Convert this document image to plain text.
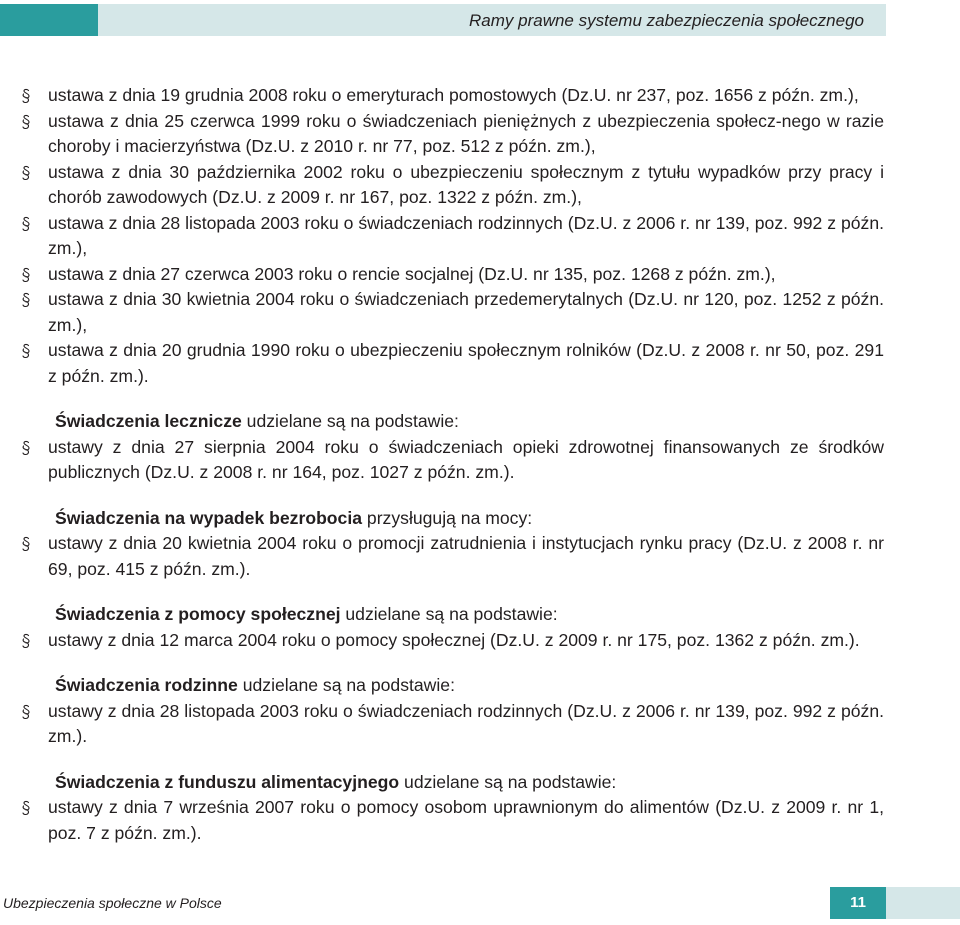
Ramy prawne systemu zabezpieczenia społecznego
ustawa z dnia 19 grudnia 2008 roku o emeryturach pomostowych (Dz.U. nr 237, poz. 1656 z późn. zm.),
ustawa z dnia 25 czerwca 1999 roku o świadczeniach pieniężnych z ubezpieczenia społecz-nego w razie choroby i macierzyństwa (Dz.U. z 2010 r. nr 77, poz. 512 z późn. zm.),
ustawa z dnia 30 października 2002 roku o ubezpieczeniu społecznym z tytułu wypadków przy pracy i chorób zawodowych (Dz.U. z 2009 r. nr 167, poz. 1322 z późn. zm.),
ustawa z dnia 28 listopada 2003 roku o świadczeniach rodzinnych (Dz.U. z 2006 r. nr 139, poz. 992 z późn. zm.),
ustawa z dnia 27 czerwca 2003 roku o rencie socjalnej (Dz.U. nr 135, poz. 1268 z późn. zm.),
ustawa z dnia 30 kwietnia 2004 roku o świadczeniach przedemerytalnych (Dz.U. nr 120, poz. 1252 z późn. zm.),
ustawa z dnia 20 grudnia 1990 roku o ubezpieczeniu społecznym rolników (Dz.U. z 2008 r. nr 50, poz. 291 z późn. zm.).
Świadczenia lecznicze udzielane są na podstawie:
ustawy z dnia 27 sierpnia 2004 roku o świadczeniach opieki zdrowotnej finansowanych ze środków publicznych (Dz.U. z 2008 r. nr 164, poz. 1027 z późn. zm.).
Świadczenia na wypadek bezrobocia przysługują na mocy:
ustawy z dnia 20 kwietnia 2004 roku o promocji zatrudnienia i instytucjach rynku pracy (Dz.U. z 2008 r. nr 69, poz. 415 z późn. zm.).
Świadczenia z pomocy społecznej udzielane są na podstawie:
ustawy z dnia 12 marca 2004 roku o pomocy społecznej (Dz.U. z 2009 r. nr 175, poz. 1362 z późn. zm.).
Świadczenia rodzinne udzielane są na podstawie:
ustawy z dnia 28 listopada 2003 roku o świadczeniach rodzinnych (Dz.U. z 2006 r. nr 139, poz. 992 z późn. zm.).
Świadczenia z funduszu alimentacyjnego udzielane są na podstawie:
ustawy z dnia 7 września 2007 roku o pomocy osobom uprawnionym do alimentów (Dz.U. z 2009 r. nr 1, poz. 7 z późn. zm.).
Ubezpieczenia społeczne w Polsce	11
